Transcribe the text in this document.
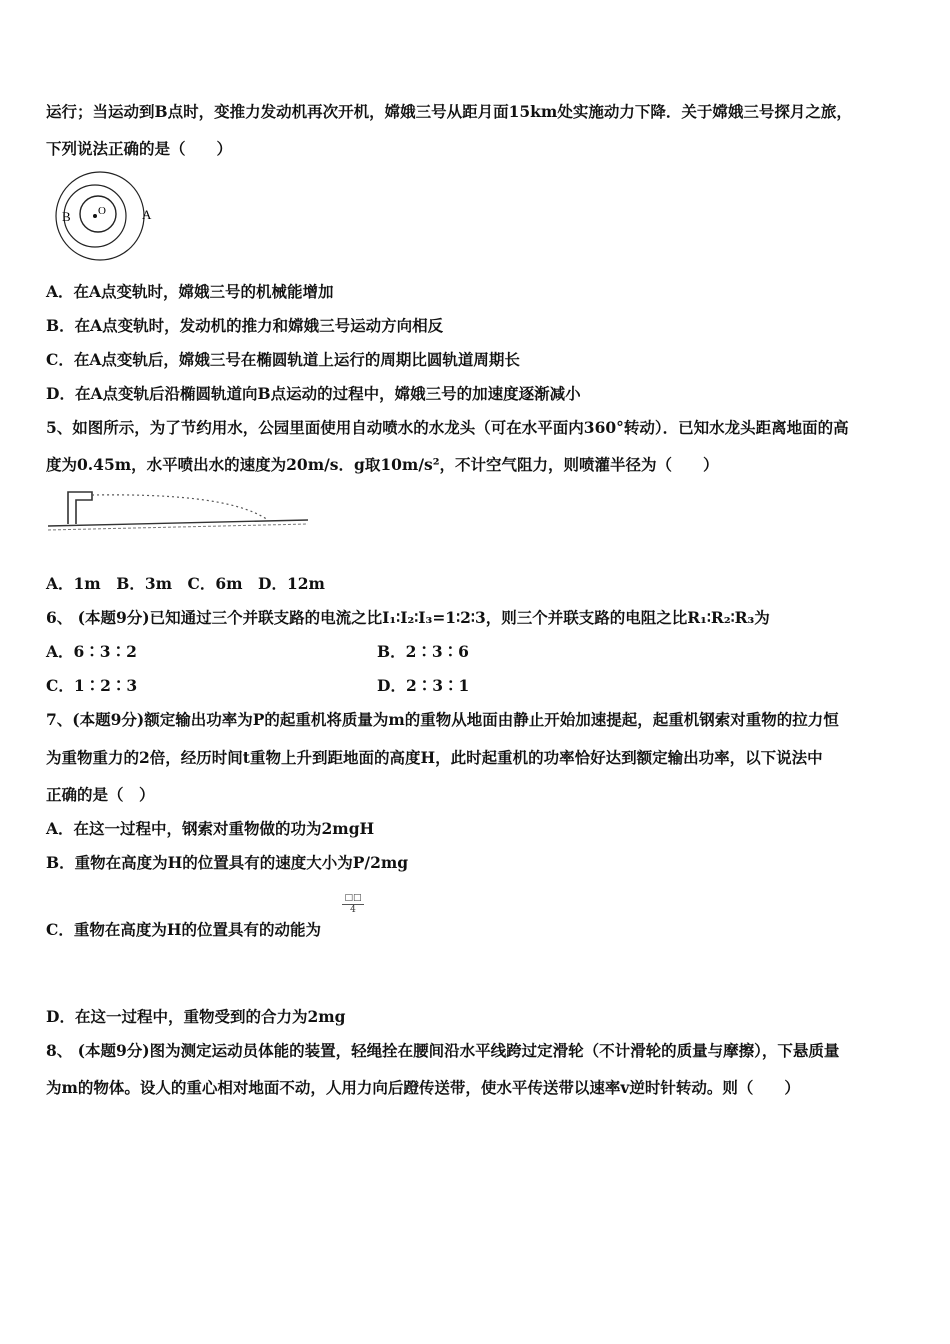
运行；当运动到B点时，变推力发动机再次开机，嫦娥三号从距月面15km处实施动力下降．关于嫦娥三号探月之旅，
下列说法正确的是（　　）
B O	A
A．在A点变轨时，嫦娥三号的机械能增加
B．在A点变轨时，发动机的推力和嫦娥三号运动方向相反
C．在A点变轨后，嫦娥三号在椭圆轨道上运行的周期比圆轨道周期长
D．在A点变轨后沿椭圆轨道向B点运动的过程中，嫦娥三号的加速度逐渐减小
5、如图所示，为了节约用水，公园里面使用自动喷水的水龙头（可在水平面内360°转动）．已知水龙头距离地面的高
度为0.45m，水平喷出水的速度为20m/s．g取10m/s²，不计空气阻力，则喷灌半径为（　　）
A．1m　B．3m　C．6m　D．12m
6、 (本题9分)已知通过三个并联支路的电流之比I₁∶I₂∶I₃=1∶2∶3，则三个并联支路的电阻之比R₁∶R₂∶R₃为
A．6∶3∶2	B．2∶3∶6
C．1∶2∶3	D．2∶3∶1
7、(本题9分)额定输出功率为P的起重机将质量为m的重物从地面由静止开始加速提起，起重机钢索对重物的拉力恒
为重物重力的2倍，经历时间t重物上升到距地面的高度H，此时起重机的功率恰好达到额定输出功率，以下说法中
正确的是（　）
A．在这一过程中，钢索对重物做的功为2mgH
B．重物在高度为H的位置具有的速度大小为P/2mg
C．重物在高度为H的位置具有的动能为
□□
4
D．在这一过程中，重物受到的合力为2mg
8、 (本题9分)图为测定运动员体能的装置，轻绳拴在腰间沿水平线跨过定滑轮（不计滑轮的质量与摩擦），下悬质量
为m的物体。设人的重心相对地面不动，人用力向后蹬传送带，使水平传送带以速率v逆时针转动。则（　　）
